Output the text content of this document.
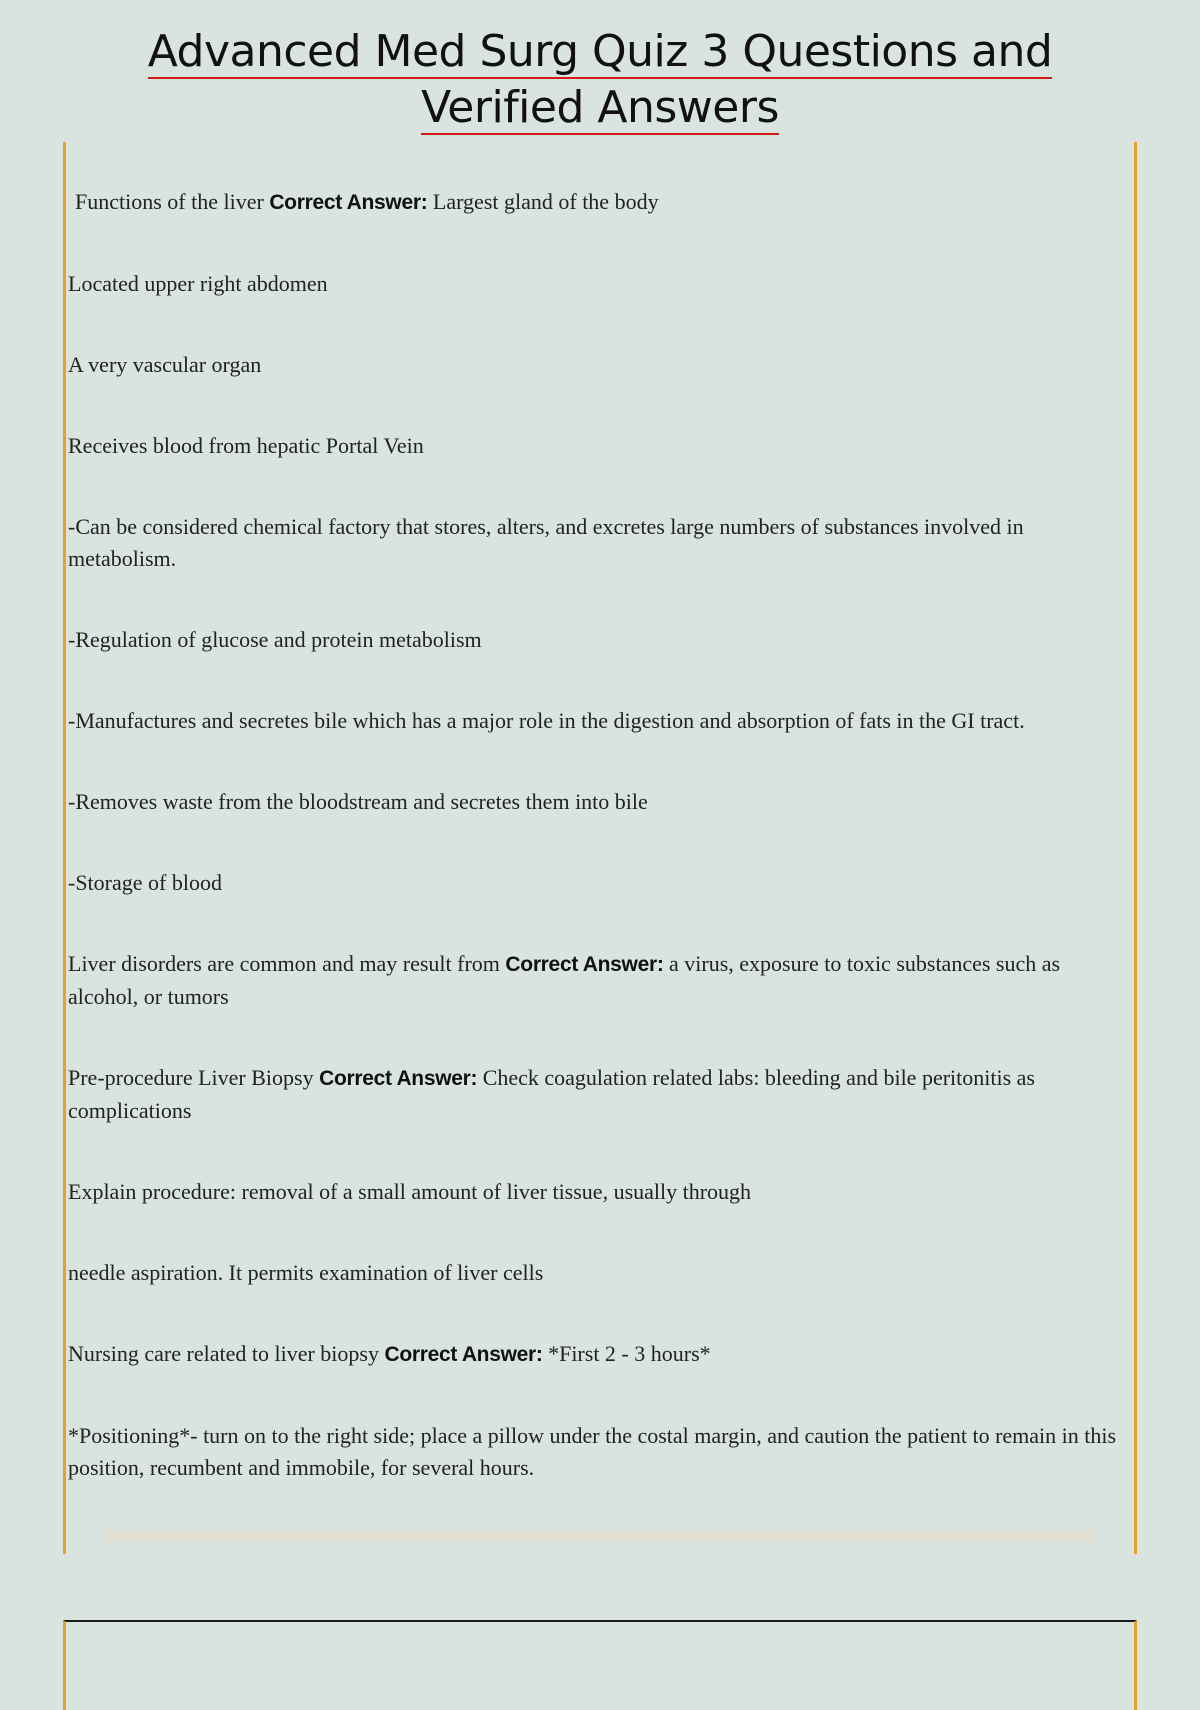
Advanced Med Surg Quiz 3 Questions and
Verified Answers

Functions of the liver Correct Answer: Largest gland of the body

Located upper right abdomen

A very vascular organ

Receives blood from hepatic Portal Vein

-Can be considered chemical factory that stores, alters, and excretes large numbers of substances involved in metabolism.

-Regulation of glucose and protein metabolism

-Manufactures and secretes bile which has a major role in the digestion and absorption of fats in the GI tract.

-Removes waste from the bloodstream and secretes them into bile

-Storage of blood

Liver disorders are common and may result from Correct Answer: a virus, exposure to toxic substances such as alcohol, or tumors

Pre-procedure Liver Biopsy Correct Answer: Check coagulation related labs: bleeding and bile peritonitis as complications

Explain procedure: removal of a small amount of liver tissue, usually through

needle aspiration. It permits examination of liver cells

Nursing care related to liver biopsy Correct Answer: *First 2 - 3 hours*

*Positioning*- turn on to the right side; place a pillow under the costal margin, and caution the patient to remain in this position, recumbent and immobile, for several hours.
